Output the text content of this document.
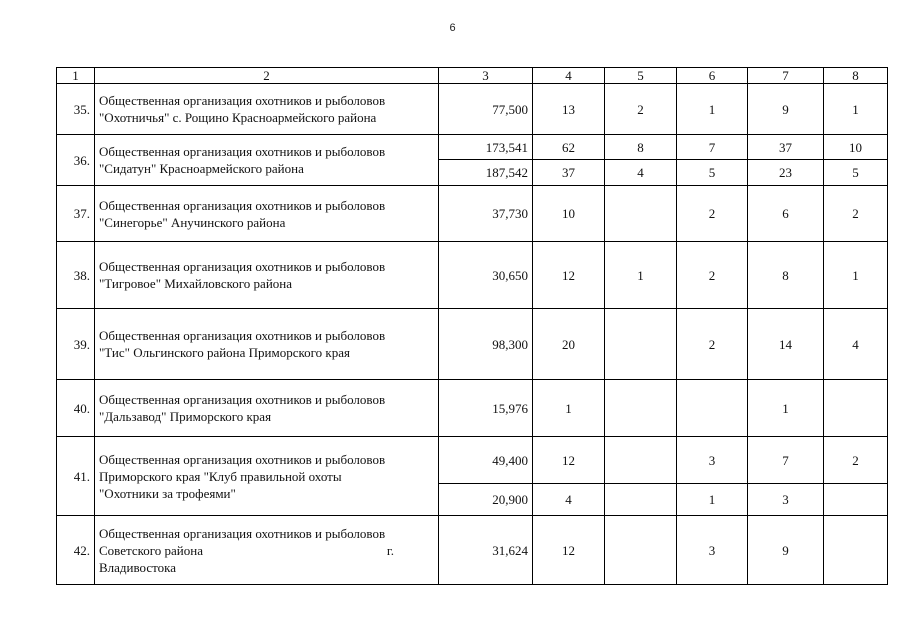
6
1	2	3	4	5	6	7	8
35.	Общественная организация охотников и рыболовов
"Охотничья" с. Рощино Красноармейского района	77,500	13	2	1	9	1
36.	Общественная организация охотников и рыболовов
"Сидатун" Красноармейского района	173,541	62	8	7	37	10
		187,542	37	4	5	23	5
37.	Общественная организация охотников и рыболовов
"Синегорье" Анучинского района	37,730	10		2	6	2
38.	Общественная организация охотников и рыболовов
"Тигровое" Михайловского района	30,650	12	1	2	8	1
39.	Общественная организация охотников и рыболовов
"Тис" Ольгинского района Приморского края	98,300	20		2	14	4
40.	Общественная организация охотников и рыболовов
"Дальзавод" Приморского края	15,976	1			1	
41.	Общественная организация охотников и рыболовов
Приморского края "Клуб правильной охоты
"Охотники за трофеями"	49,400	12		3	7	2
		20,900	4		1	3	
42.	Общественная организация охотников и рыболовов
Советского района г.
Владивостока	31,624	12		3	9	
